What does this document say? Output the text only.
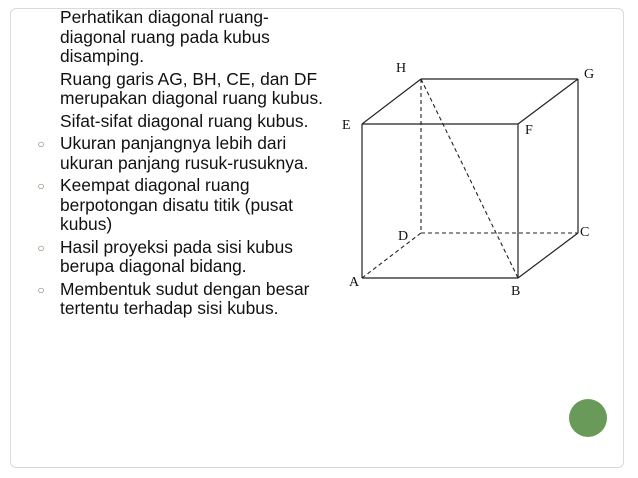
Perhatikan diagonal ruang-diagonal ruang pada kubus disamping.
Ruang garis AG, BH, CE, dan DF merupakan diagonal ruang kubus.
Sifat-sifat diagonal ruang kubus.
○ Ukuran panjangnya lebih dari ukuran panjang rusuk-rusuknya.
○ Keempat diagonal ruang berpotongan disatu titik (pusat kubus)
○ Hasil proyeksi pada sisi kubus berupa diagonal bidang.
○ Membentuk sudut dengan besar tertentu terhadap sisi kubus.
H	G
E	F
D	C
A
B
